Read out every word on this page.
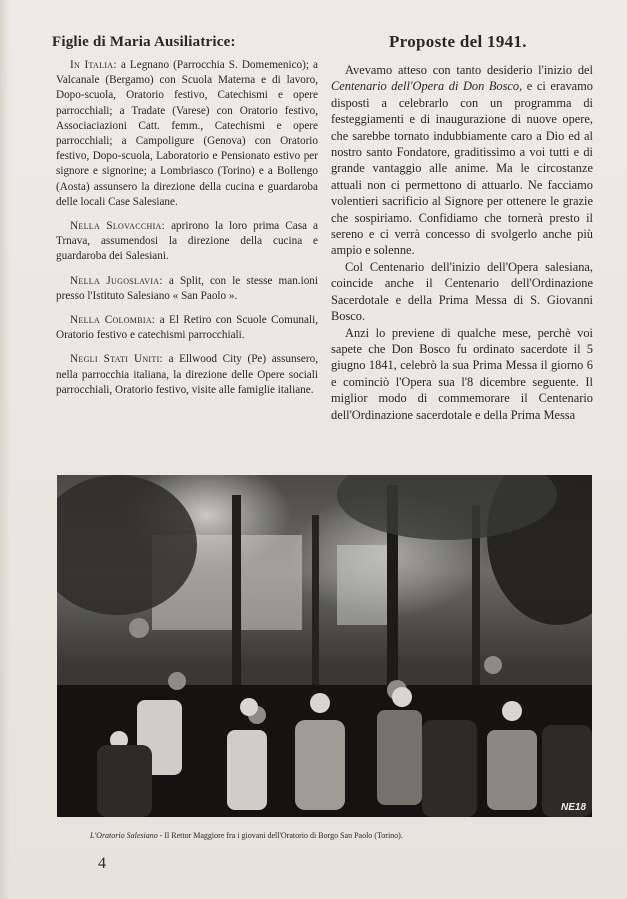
Figlie di Maria Ausiliatrice:	Proposte del 1941.

In Italia: a Legnano (Parrocchia S. Domemenico); a Valcanale (Bergamo) con Scuola Materna e di lavoro, Dopo-scuola, Oratorio festivo, Catechismi e opere parrocchiali; a Tradate (Varese) con Oratorio festivo, Associaciazioni Catt. femm., Catechismi e opere parrocchiali; a Campoligure (Genova) con Oratorio festivo, Dopo-scuola, Laboratorio e Pensionato estivo per signore e signorine; a Lombriasco (Torino) e a Bollengo (Aosta) assunsero la direzione della cucina e guardaroba delle locali Case Salesiane.

Nella Slovacchia: aprirono la loro prima Casa a Trnava, assumendosi la direzione della cucina e guardaroba dei Salesiani.

Nella Jugoslavia: a Split, con le stesse man.ioni presso l'Istituto Salesiano « San Paolo ».

Nella Colombia: a El Retiro con Scuole Comunali, Oratorio festivo e catechismi parrocchiali.

Negli Stati Uniti: a Ellwood City (Pe) assunsero, nella parrocchia italiana, la direzione delle Opere sociali parrocchiali, Oratorio festivo, visite alle famiglie italiane.

Avevamo atteso con tanto desiderio l'inizio del Centenario dell'Opera di Don Bosco, e ci eravamo disposti a celebrarlo con un programma di festeggiamenti e di inaugurazione di nuove opere, che sarebbe tornato indubbiamente caro a Dio ed al nostro santo Fondatore, graditissimo a voi tutti e di grande vantaggio alle anime. Ma le circostanze attuali non ci permettono di attuarlo. Ne facciamo volentieri sacrificio al Signore per ottenere le grazie che sospiriamo. Confidiamo che tornerà presto il sereno e ci verrà concesso di svolgerlo anche più ampio e solenne.

Col Centenario dell'inizio dell'Opera salesiana, coincide anche il Centenario dell'Ordinazione Sacerdotale e della Prima Messa di S. Giovanni Bosco.

Anzi lo previene di qualche mese, perchè voi sapete che Don Bosco fu ordinato sacerdote il 5 giugno 1841, celebrò la sua Prima Messa il giorno 6 e cominciò l'Opera sua l'8 dicembre seguente. Il miglior modo di commemorare il Centenario dell'Ordinazione sacerdotale e della Prima Messa

NE18
L'Oratorio Salesiano - Il Rettor Maggiore fra i giovani dell'Oratorio di Borgo San Paolo (Torino).
4
